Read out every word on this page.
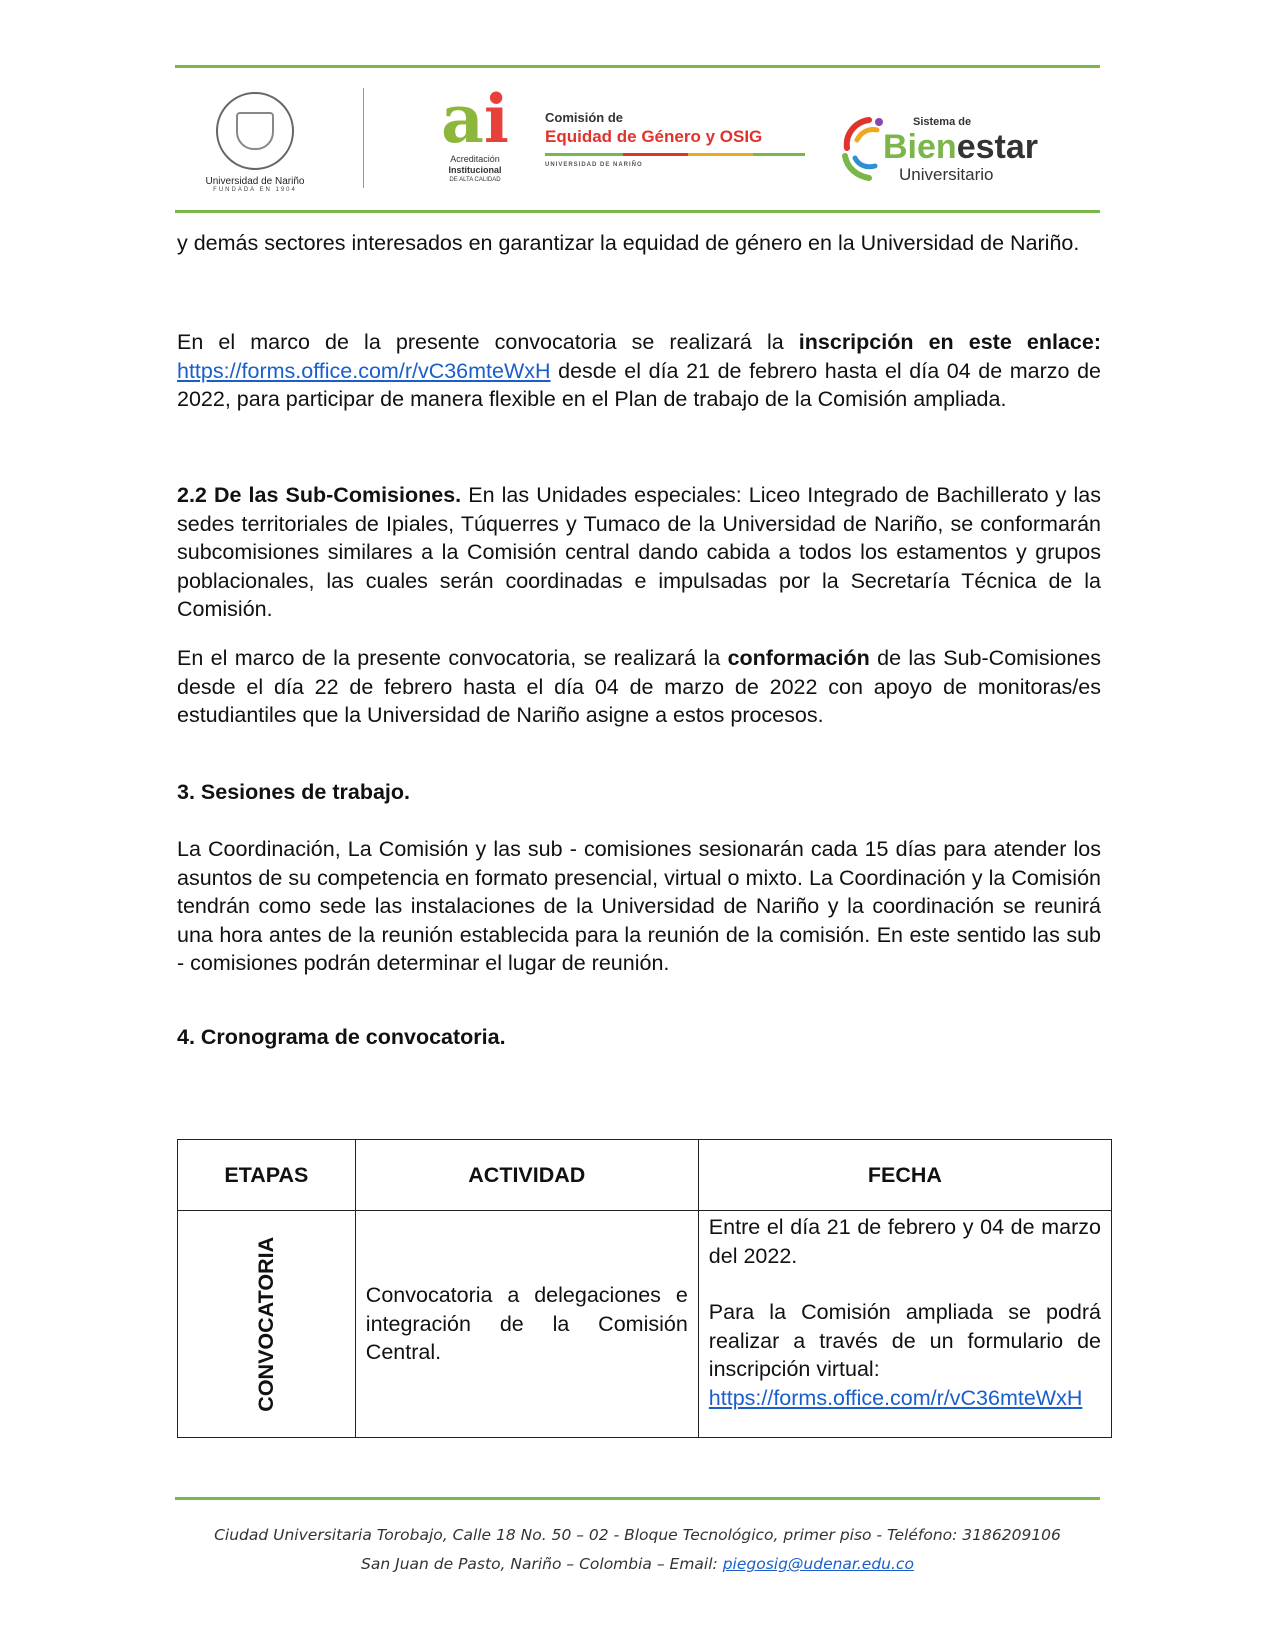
Universidad de Nariño
FUNDADA EN 1904
ai
Acreditación
Institucional
DE ALTA CALIDAD
Comisión de
Equidad de Género y OSIG
UNIVERSIDAD DE NARIÑO
Sistema de
Bienestar
Universitario
y demás sectores interesados en garantizar la equidad de género en la Universidad de Nariño.
En el marco de la presente convocatoria se realizará la inscripción en este enlace: https://forms.office.com/r/vC36mteWxH desde el día 21 de febrero hasta el día 04 de marzo de 2022, para participar de manera flexible en el Plan de trabajo de la Comisión ampliada.
2.2 De las Sub-Comisiones. En las Unidades especiales: Liceo Integrado de Bachillerato y las sedes territoriales de Ipiales, Túquerres y Tumaco de la Universidad de Nariño, se conformarán subcomisiones similares a la Comisión central dando cabida a todos los estamentos y grupos poblacionales, las cuales serán coordinadas e impulsadas por la Secretaría Técnica de la Comisión.
En el marco de la presente convocatoria, se realizará la conformación de las Sub-Comisiones desde el día 22 de febrero hasta el día 04 de marzo de 2022 con apoyo de monitoras/es estudiantiles que la Universidad de Nariño asigne a estos procesos.
3. Sesiones de trabajo.
La Coordinación, La Comisión y las sub - comisiones sesionarán cada 15 días para atender los asuntos de su competencia en formato presencial, virtual o mixto. La Coordinación y la Comisión tendrán como sede las instalaciones de la Universidad de Nariño y la coordinación se reunirá una hora antes de la reunión establecida para la reunión de la comisión. En este sentido las sub - comisiones podrán determinar el lugar de reunión.
4. Cronograma de convocatoria.
ETAPAS	ACTIVIDAD	FECHA
CONVOCATORIA	Convocatoria a delegaciones e integración de la Comisión Central.	Entre el día 21 de febrero y 04 de marzo del 2022.
Para la Comisión ampliada se podrá realizar a través de un formulario de inscripción virtual:
https://forms.office.com/r/vC36mteWxH
Ciudad Universitaria Torobajo, Calle 18 No. 50 – 02 - Bloque Tecnológico, primer piso - Teléfono: 3186209106
San Juan de Pasto, Nariño – Colombia – Email: piegosig@udenar.edu.co
